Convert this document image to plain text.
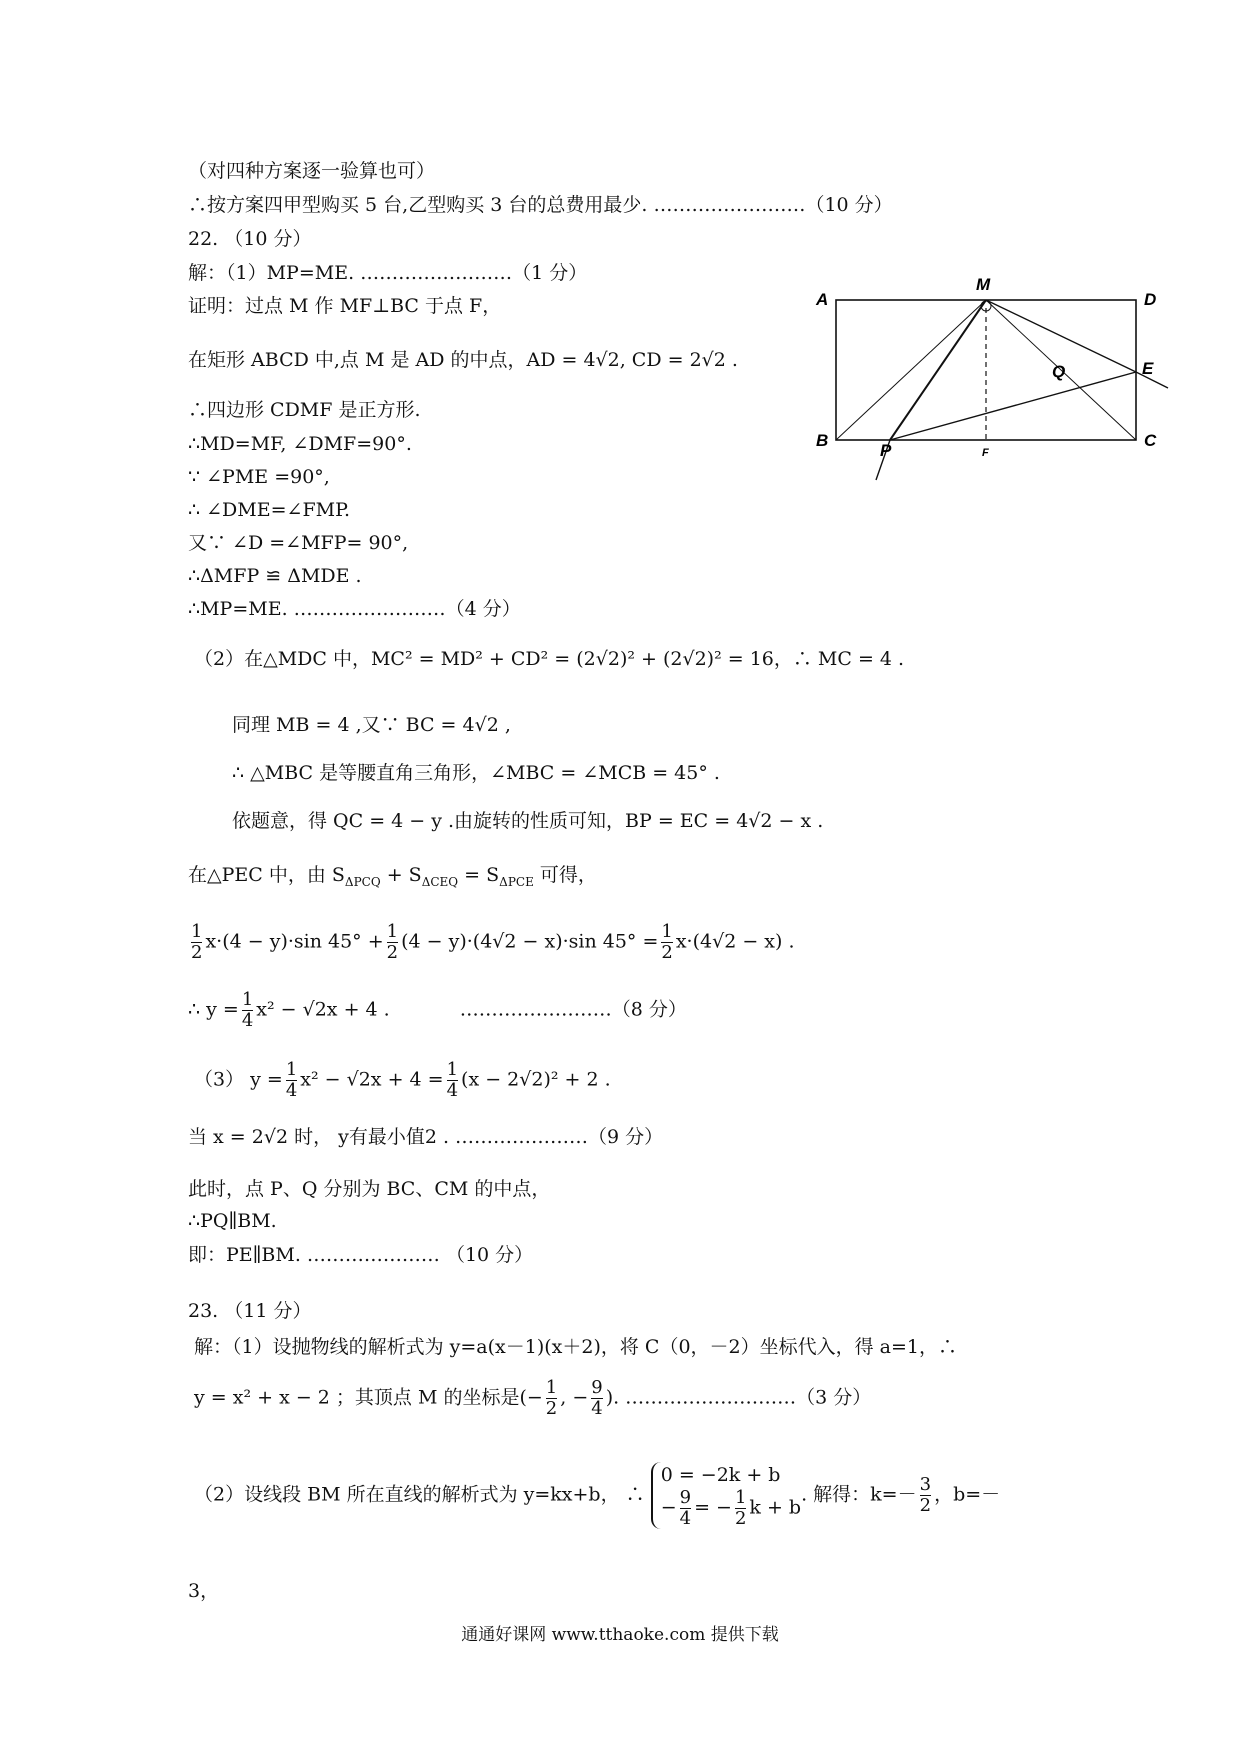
（对四种方案逐一验算也可）
∴按方案四甲型购买 5 台,乙型购买 3 台的总费用最少. ……………………（10 分）
22. （10 分）
解：（1）MP=ME. ……………………（1 分）
证明：过点 M 作 MF⊥BC 于点 F，
在矩形 ABCD 中,点 M 是 AD 的中点，AD = 4√2, CD = 2√2 .
∴四边形 CDMF 是正方形.
∴MD=MF, ∠DMF=90°.
∵ ∠PME =90°,
∴ ∠DME=∠FMP.
又∵ ∠D =∠MFP= 90°,
∴ΔMFP ≌ ΔMDE .
∴MP=ME. ……………………（4 分）
（2）在△MDC 中，MC² = MD² + CD² = (2√2)² + (2√2)² = 16，∴ MC = 4 .
同理 MB = 4 ,又∵ BC = 4√2 ,
∴ △MBC 是等腰直角三角形，∠MBC = ∠MCB = 45° .
依题意，得 QC = 4 − y .由旋转的性质可知，BP = EC = 4√2 − x .
在△PEC 中，由 $S_{\Delta PCQ} + S_{\Delta CEQ} = S_{\Delta PCE}$ 可得，
$\frac{1}{2} x\cdot(4 - y)\cdot\sin$ $45^\circ + \frac{1}{2} (4 - y)\cdot(4√2 - x)\cdot\sin$ $45^\circ = \frac{1}{2} x\cdot(4√2 - x)$ .
∴ $y = \frac{1}{4} x^2 - √2x + 4$ .	……………………（8 分）
（3） $y = \frac{1}{4} x^2 - √2x + 4 = \frac{1}{4} (x - 2√2)^2 + 2$ .
当 x = 2√2 时， y有最小值2 . …………………（9 分）
此时，点 P、Q 分别为 BC、CM 的中点，
∴PQ∥BM.
即：PE∥BM. ………………… （10 分）
23. （11 分）
解：（1）设抛物线的解析式为 y=a(x－1)(x＋2)，将 C（0，－2）坐标代入，得 a=1，∴
y = x² + x − 2 ；其顶点 M 的坐标是(− $\frac{1}{2}$ , − $\frac{9}{4}$ ). ………………………（3 分）
（2）设线段 BM 所在直线的解析式为 y=kx+b， ∴
0 = −2k + b
− $\frac{9}{4}$ = − $\frac{1}{2}$ k + b
. 解得：$k=- \frac{3}{2}$ ，b=－
3，
A
M
D
E
Q
B
P	F
C
通通好课网 www.tthaoke.com 提供下载
